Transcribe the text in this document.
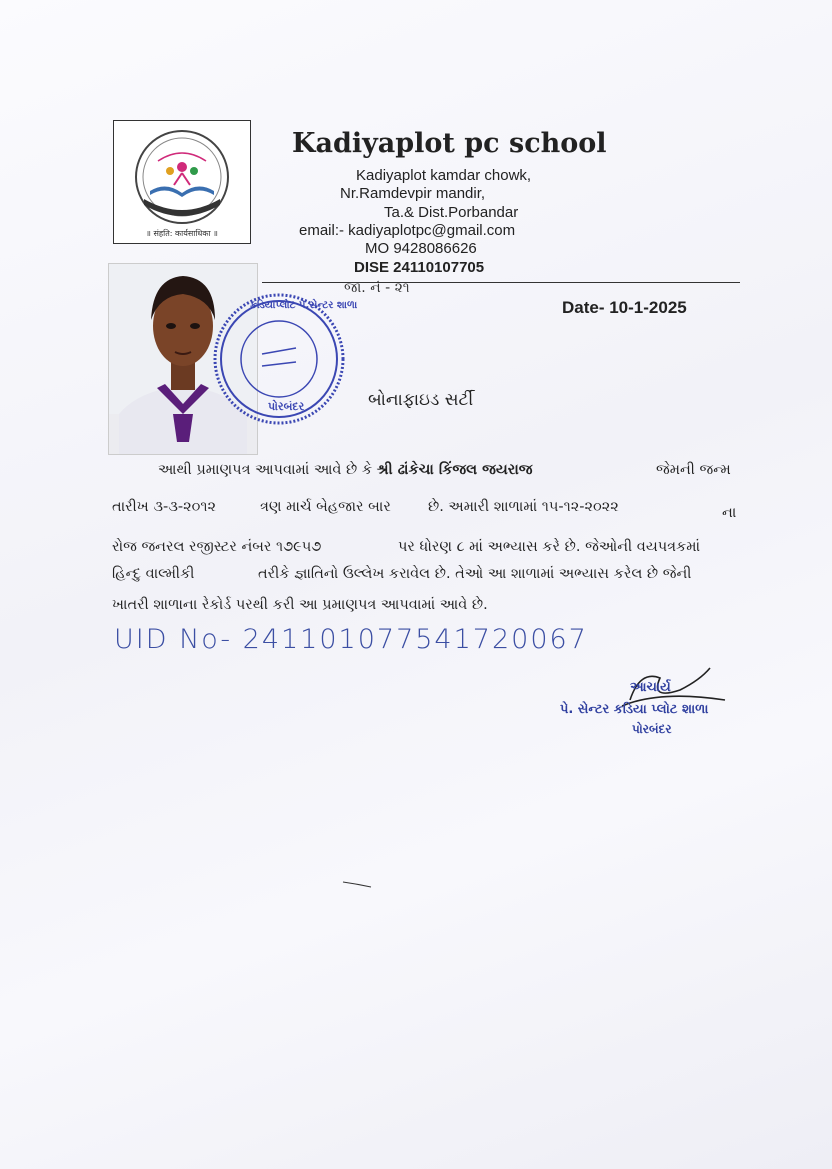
॥ संहति: कार्यसाधिका ॥
Kadiyaplot pc school
Kadiyaplot kamdar chowk,
Nr.Ramdevpir mandir,
Ta.& Dist.Porbandar
email:- kadiyaplotpc@gmail.com
MO 9428086626
DISE 24110107705
જા. નં - ૨૧
Date- 10-1-2025
કડિયાપ્લોટ પે.સેન્ટર શાળા
પોરબંદર	બોનાફાઇડ સર્ટી
આથી પ્રમાણપત્ર આપવામાં આવે છે કે શ્રી ઢાંકેચા કિંજલ જયરાજ	જેમની જન્મ
તારીખ ૩-૩-૨૦૧૨	ત્રણ માર્ચ બેહજાર બાર	છે. અમારી શાળામાં ૧૫-૧૨-૨૦૨૨	ના
રોજ જનરલ રજીસ્ટર નંબર ૧૭૯૫૭	પર ધોરણ ૮ માં અભ્યાસ કરે છે. જેઓની વયપત્રકમાં
હિન્દુ વાલ્મીકી	તરીકે જ્ઞાતિનો ઉલ્લેખ કરાવેલ છે. તેઓ આ શાળામાં અભ્યાસ કરેલ છે જેની
ખાતરી શાળાના રેકોર્ડ પરથી કરી આ પ્રમાણપત્ર આપવામાં આવે છે.
UID No- 241101077541720067
આચાર્ય
પે. સેન્ટર કડિયા પ્લોટ શાળા
પોરબંદર
